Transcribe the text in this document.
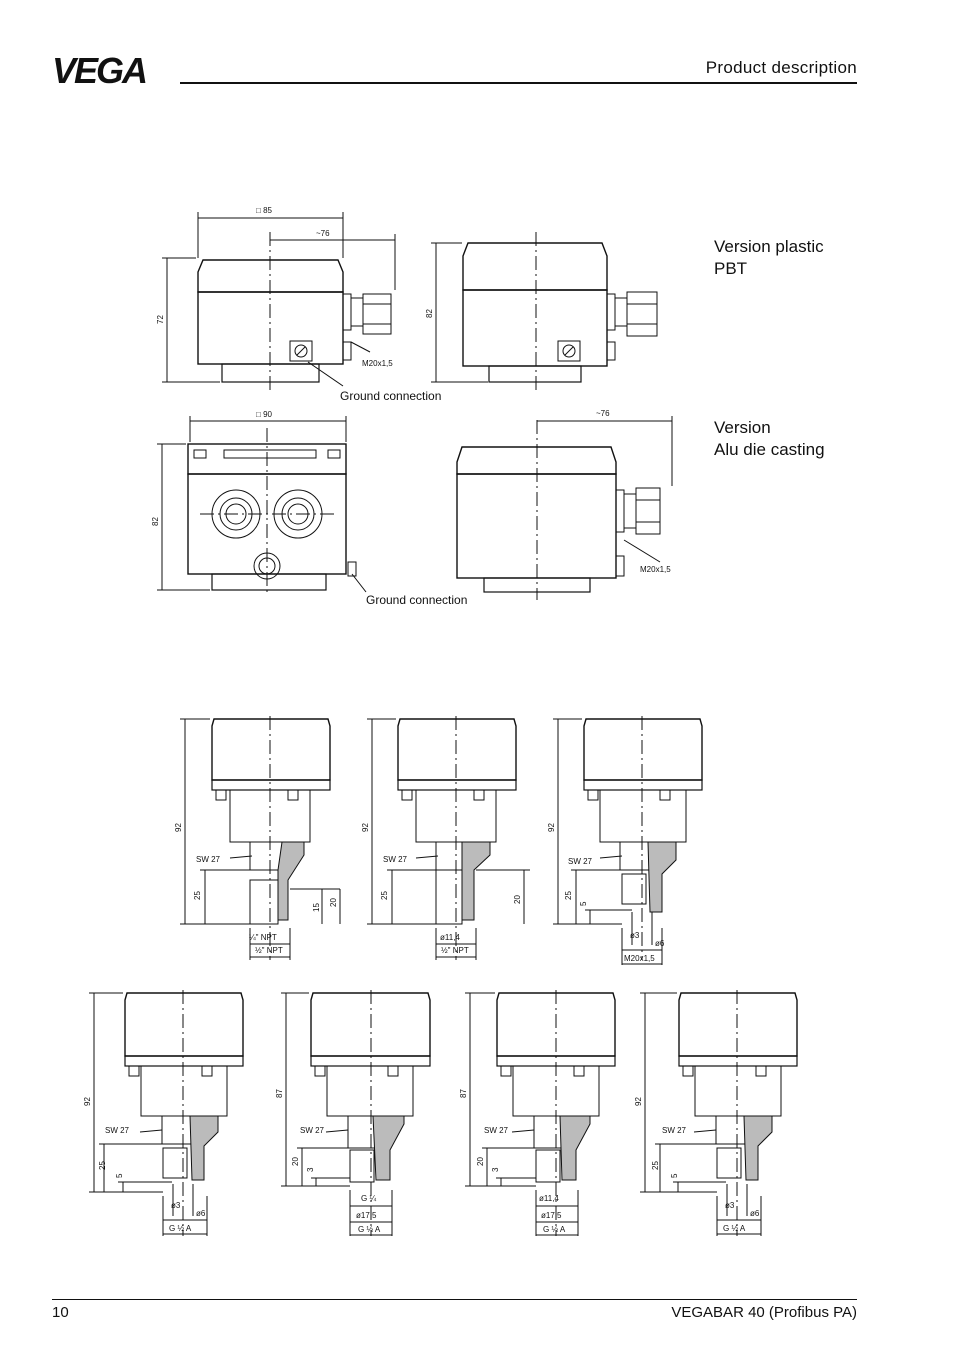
VEGA	Product description
Version plastic
PBT
Version
Alu die casting
□ 85
~76
72
M20x1,5
Ground connection
82
□ 90
82
Ground connection
~76
M20x1,5
92
SW 27
25
15
20
¼" NPT
½" NPT
92
SW 27
25	20
ø11,4
½" NPT
92
SW 27
25
5
ø3
ø6
M20x1,5
92
SW 27
25
5
ø3
ø6
G ½ A
87
SW 27
20
3
G ¼
ø17,5
G ½ A
87
SW 27
20
3
ø11,4
ø17,5
G ½ A
92
SW 27
25
5
ø3
ø6
G ½ A
10	VEGABAR 40 (Profibus PA)
